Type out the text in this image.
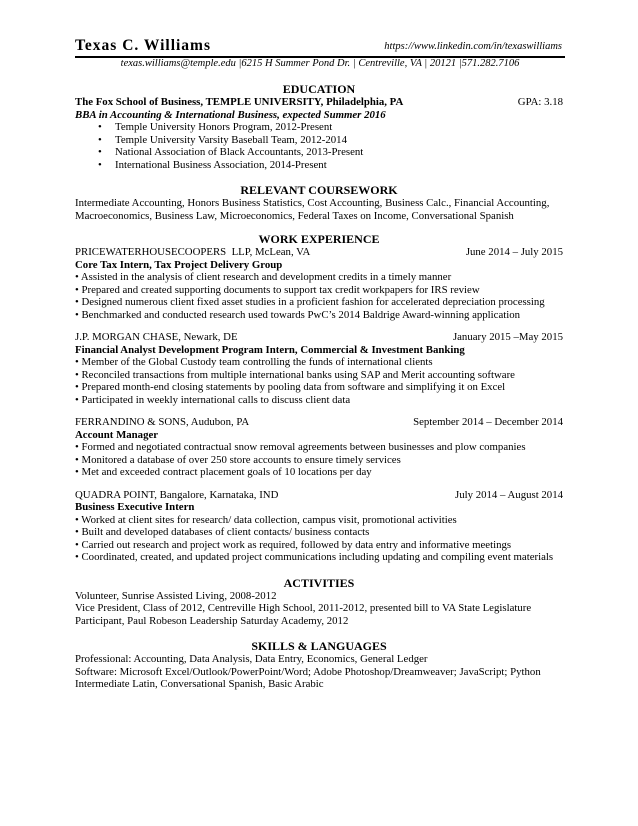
Texas C. Williams	https://www.linkedin.com/in/texaswilliams
texas.williams@temple.edu |6215 H Summer Pond Dr. | Centreville, VA | 20121 |571.282.7106
EDUCATION
The Fox School of Business, TEMPLE UNIVERSITY, Philadelphia, PA	GPA: 3.18
BBA in Accounting & International Business, expected Summer 2016
• Temple University Honors Program, 2012-Present
• Temple University Varsity Baseball Team, 2012-2014
• National Association of Black Accountants, 2013-Present
• International Business Association, 2014-Present
RELEVANT COURSEWORK
Intermediate Accounting, Honors Business Statistics, Cost Accounting, Business Calc., Financial Accounting, Macroeconomics, Business Law, Microeconomics, Federal Taxes on Income, Conversational Spanish
WORK EXPERIENCE
PRICEWATERHOUSECOOPERS  LLP, McLean, VA	June 2014 – July 2015
Core Tax Intern, Tax Project Delivery Group
• Assisted in the analysis of client research and development credits in a timely manner
• Prepared and created supporting documents to support tax credit workpapers for IRS review
• Designed numerous client fixed asset studies in a proficient fashion for accelerated depreciation processing
• Benchmarked and conducted research used towards PwC’s 2014 Baldrige Award-winning application
J.P. MORGAN CHASE, Newark, DE	January 2015 –May 2015
Financial Analyst Development Program Intern, Commercial & Investment Banking
• Member of the Global Custody team controlling the funds of international clients
• Reconciled transactions from multiple international banks using SAP and Merit accounting software
• Prepared month-end closing statements by pooling data from software and simplifying it on Excel
• Participated in weekly international calls to discuss client data
FERRANDINO & SONS, Audubon, PA	September 2014 – December 2014
Account Manager
• Formed and negotiated contractual snow removal agreements between businesses and plow companies
• Monitored a database of over 250 store accounts to ensure timely services
• Met and exceeded contract placement goals of 10 locations per day
QUADRA POINT, Bangalore, Karnataka, IND	July 2014 – August 2014
Business Executive Intern
• Worked at client sites for research/ data collection, campus visit, promotional activities
• Built and developed databases of client contacts/ business contacts
• Carried out research and project work as required, followed by data entry and informative meetings
• Coordinated, created, and updated project communications including updating and compiling event materials
ACTIVITIES
Volunteer, Sunrise Assisted Living, 2008-2012
Vice President, Class of 2012, Centreville High School, 2011-2012, presented bill to VA State Legislature
Participant, Paul Robeson Leadership Saturday Academy, 2012
SKILLS & LANGUAGES
Professional: Accounting, Data Analysis, Data Entry, Economics, General Ledger
Software: Microsoft Excel/Outlook/PowerPoint/Word; Adobe Photoshop/Dreamweaver; JavaScript; Python
Intermediate Latin, Conversational Spanish, Basic Arabic
